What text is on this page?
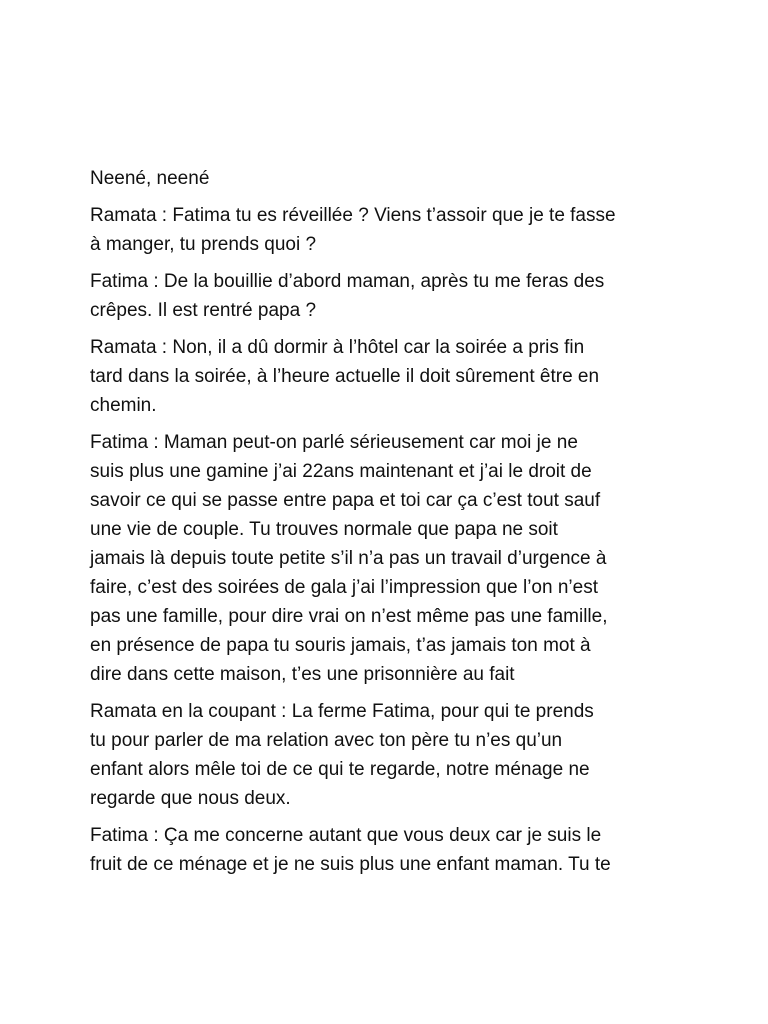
Neené, neené

Ramata : Fatima tu es réveillée ? Viens t’assoir que je te fasse
à manger, tu prends quoi ?

Fatima : De la bouillie d’abord maman, après tu me feras des
crêpes. Il est rentré papa ?

Ramata : Non, il a dû dormir à l’hôtel car la soirée a pris fin
tard dans la soirée, à l’heure actuelle il doit sûrement être en
chemin.

Fatima : Maman peut-on parlé sérieusement car moi je ne
suis plus une gamine j’ai 22ans maintenant et j’ai le droit de
savoir ce qui se passe entre papa et toi car ça c’est tout sauf
une vie de couple. Tu trouves normale que papa ne soit
jamais là depuis toute petite s’il n’a pas un travail d’urgence à
faire, c’est des soirées de gala j’ai l’impression que l’on n’est
pas une famille, pour dire vrai on n’est même pas une famille,
en présence de papa tu souris jamais, t’as jamais ton mot à
dire dans cette maison, t’es une prisonnière au fait

Ramata en la coupant : La ferme Fatima, pour qui te prends
tu pour parler de ma relation avec ton père tu n’es qu’un
enfant alors mêle toi de ce qui te regarde, notre ménage ne
regarde que nous deux.

Fatima : Ça me concerne autant que vous deux car je suis le
fruit de ce ménage et je ne suis plus une enfant maman. Tu te
